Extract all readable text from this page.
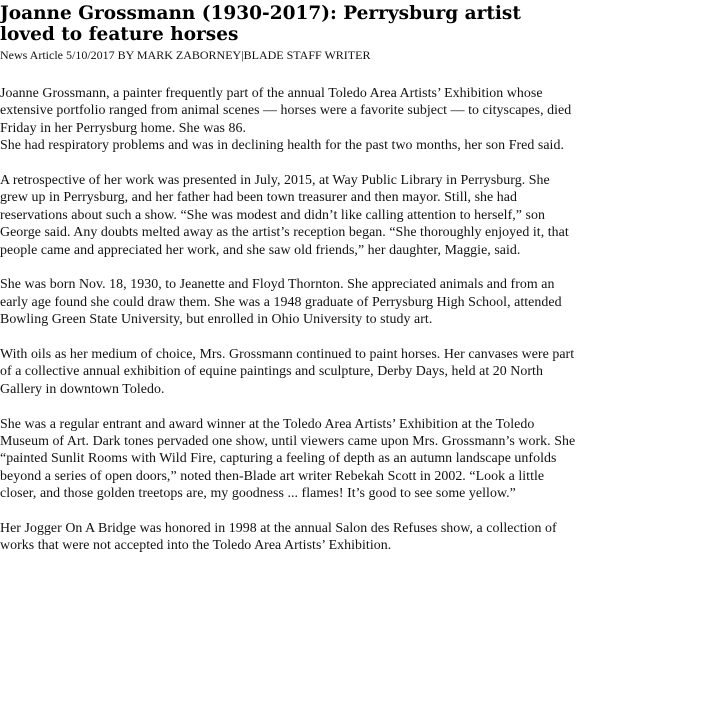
Joanne Grossmann (1930-2017): Perrysburg artist loved to feature horses
News Article 5/10/2017 BY MARK ZABORNEY|BLADE STAFF WRITER

Joanne Grossmann, a painter frequently part of the annual Toledo Area Artists’ Exhibition whose extensive portfolio ranged from animal scenes — horses were a favorite subject — to cityscapes, died Friday in her Perrysburg home. She was 86.

She had respiratory problems and was in declining health for the past two months, her son Fred said.

A retrospective of her work was presented in July, 2015, at Way Public Library in Perrysburg. She grew up in Perrysburg, and her father had been town treasurer and then mayor. Still, she had reservations about such a show. “She was modest and didn’t like calling attention to herself,” son George said. Any doubts melted away as the artist’s reception began. “She thoroughly enjoyed it, that people came and appreciated her work, and she saw old friends,” her daughter, Maggie, said.

She was born Nov. 18, 1930, to Jeanette and Floyd Thornton. She appreciated animals and from an early age found she could draw them. She was a 1948 graduate of Perrysburg High School, attended Bowling Green State University, but enrolled in Ohio University to study art.

With oils as her medium of choice, Mrs. Grossmann continued to paint horses. Her canvases were part of a collective annual exhibition of equine paintings and sculpture, Derby Days, held at 20 North Gallery in downtown Toledo.

She was a regular entrant and award winner at the Toledo Area Artists’ Exhibition at the Toledo Museum of Art. Dark tones pervaded one show, until viewers came upon Mrs. Grossmann’s work. She “painted Sunlit Rooms with Wild Fire, capturing a feeling of depth as an autumn landscape unfolds beyond a series of open doors,” noted then-Blade art writer Rebekah Scott in 2002. “Look a little closer, and those golden treetops are, my goodness ... flames! It’s good to see some yellow.”

Her Jogger On A Bridge was honored in 1998 at the annual Salon des Refuses show, a collection of works that were not accepted into the Toledo Area Artists’ Exhibition.
